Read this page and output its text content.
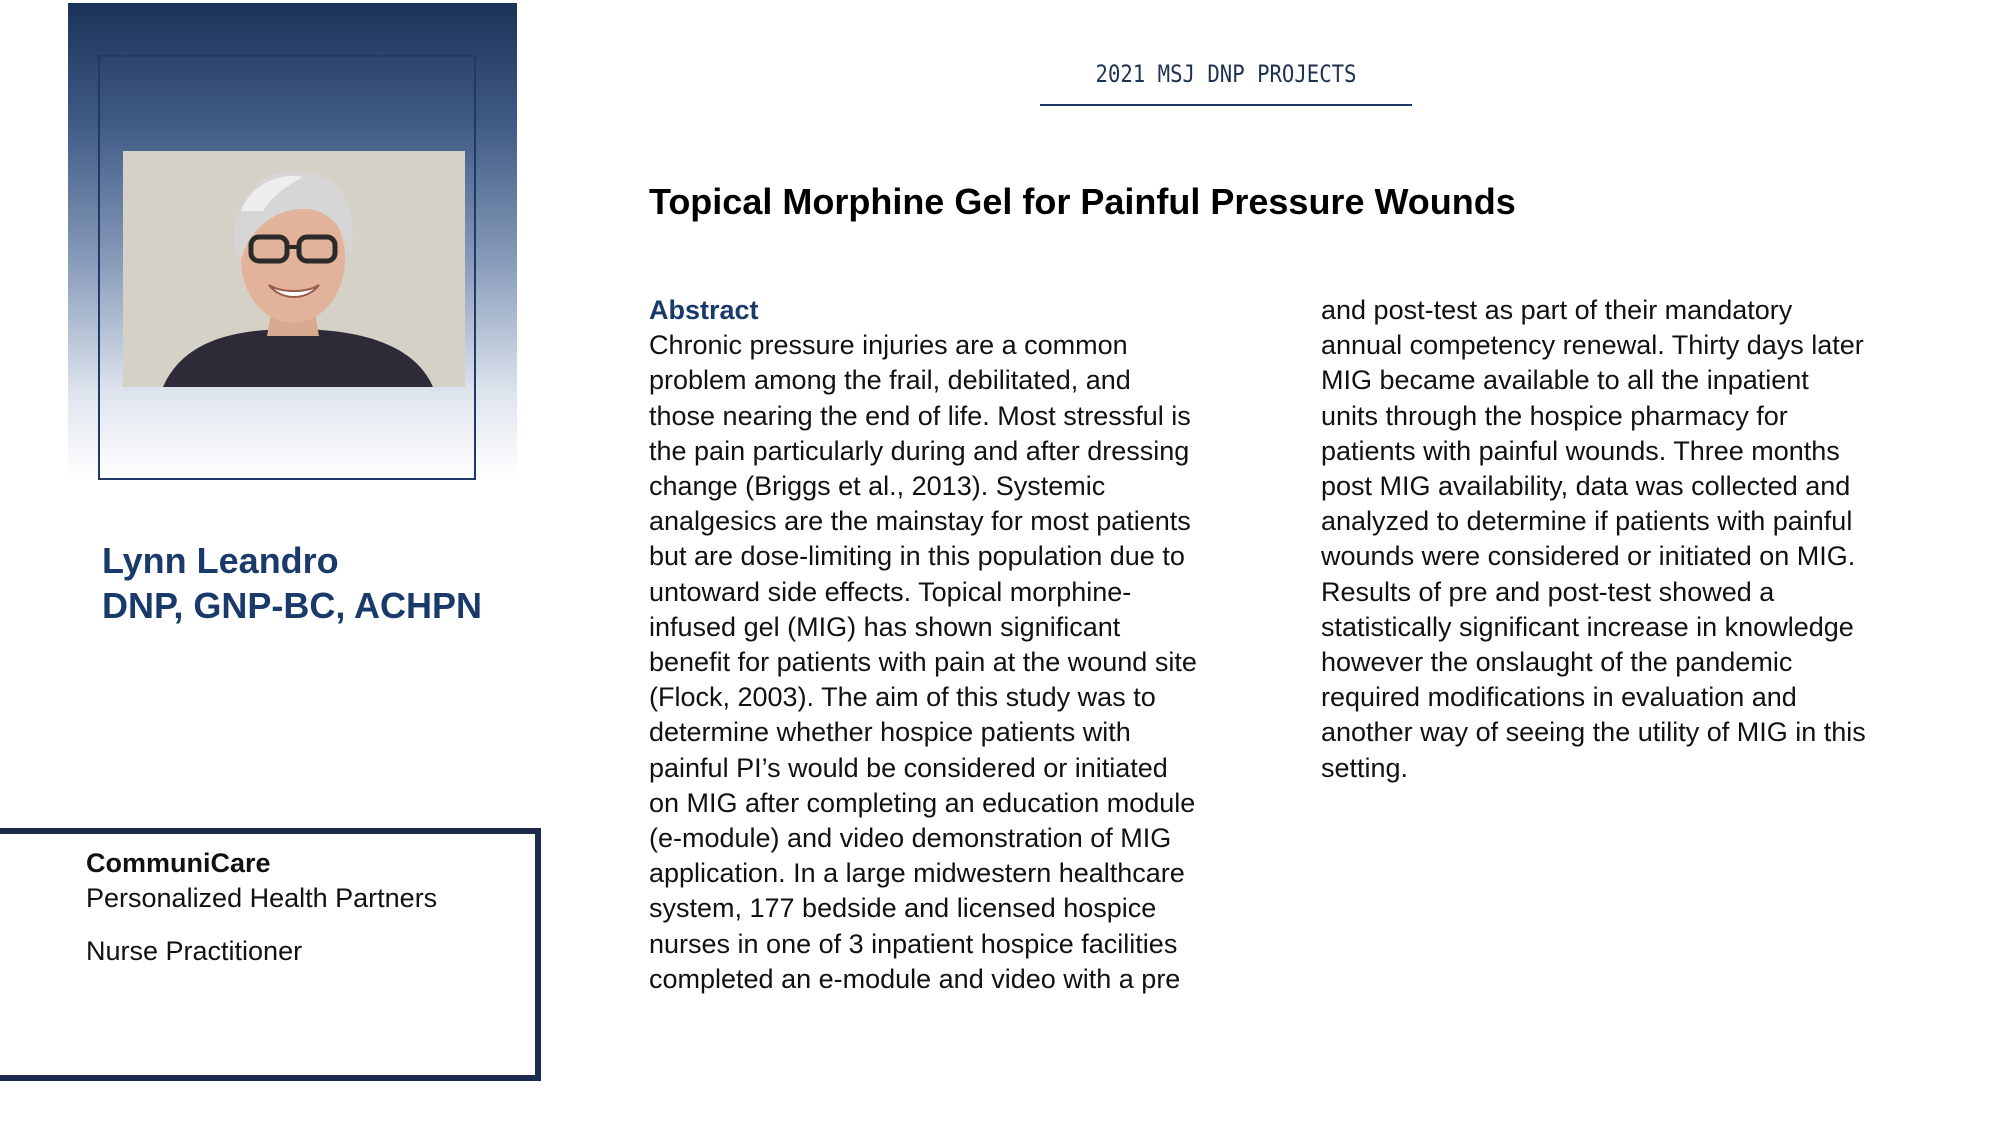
Lynn Leandro
DNP, GNP-BC, ACHPN
CommuniCare
Personalized Health Partners
Nurse Practitioner
2021 MSJ DNP PROJECTS
Topical Morphine Gel for Painful Pressure Wounds
Abstract
Chronic pressure injuries are a common
problem among the frail, debilitated, and
those nearing the end of life. Most stressful is
the pain particularly during and after dressing
change (Briggs et al., 2013). Systemic
analgesics are the mainstay for most patients
but are dose-limiting in this population due to
untoward side effects. Topical morphine-
infused gel (MIG) has shown significant
benefit for patients with pain at the wound site
(Flock, 2003). The aim of this study was to
determine whether hospice patients with
painful PI’s would be considered or initiated
on MIG after completing an education module
(e-module) and video demonstration of MIG
application. In a large midwestern healthcare
system, 177 bedside and licensed hospice
nurses in one of 3 inpatient hospice facilities
completed an e-module and video with a pre
and post-test as part of their mandatory
annual competency renewal. Thirty days later
MIG became available to all the inpatient
units through the hospice pharmacy for
patients with painful wounds. Three months
post MIG availability, data was collected and
analyzed to determine if patients with painful
wounds were considered or initiated on MIG.
Results of pre and post-test showed a
statistically significant increase in knowledge
however the onslaught of the pandemic
required modifications in evaluation and
another way of seeing the utility of MIG in this
setting.
